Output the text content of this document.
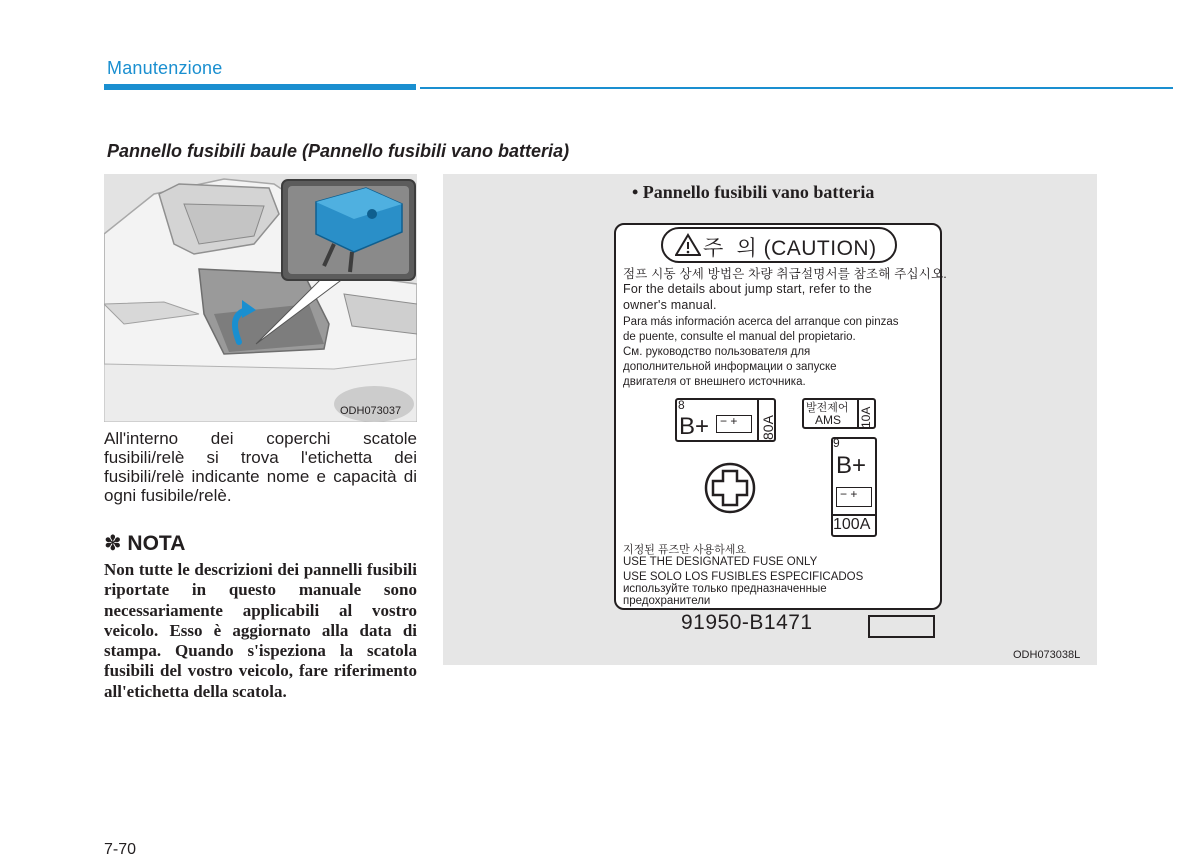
Manutenzione
Pannello fusibili baule (Pannello fusibili vano batteria)
ODH073037
All'interno dei coperchi scatole fusibili/relè si trova l'etichetta dei fusibili/relè indicante nome e capacità di ogni fusibile/relè.
✽ NOTA
Non tutte le descrizioni dei pannelli fusibili riportate in questo manuale sono necessariamente applicabili al vostro veicolo. Esso è aggiornato alla data di stampa. Quando s'ispeziona la scatola fusibili del vostro veicolo, fare riferimento all'etichetta della scatola.
• Pannello fusibili vano batteria
주  의 (CAUTION)
점프 시동 상세 방법은 차량 취급설명서를 참조해 주십시오.
For the details about jump start, refer to the
owner's manual.
Para más información acerca del arranque con pinzas
de puente, consulte el manual del propietario.
См. руководство пользователя для
дополнительной информации о запуске
двигателя от внешнего источника.
8
B+ − + 80A
발전제어
AMS 10A
9
B+
− +
100A
지정된 퓨즈만 사용하세요
USE THE DESIGNATED FUSE ONLY
USE SOLO LOS FUSIBLES ESPECIFICADOS
используйте только предназначенные
предохранители
91950-B1471
ODH073038L
7-70
